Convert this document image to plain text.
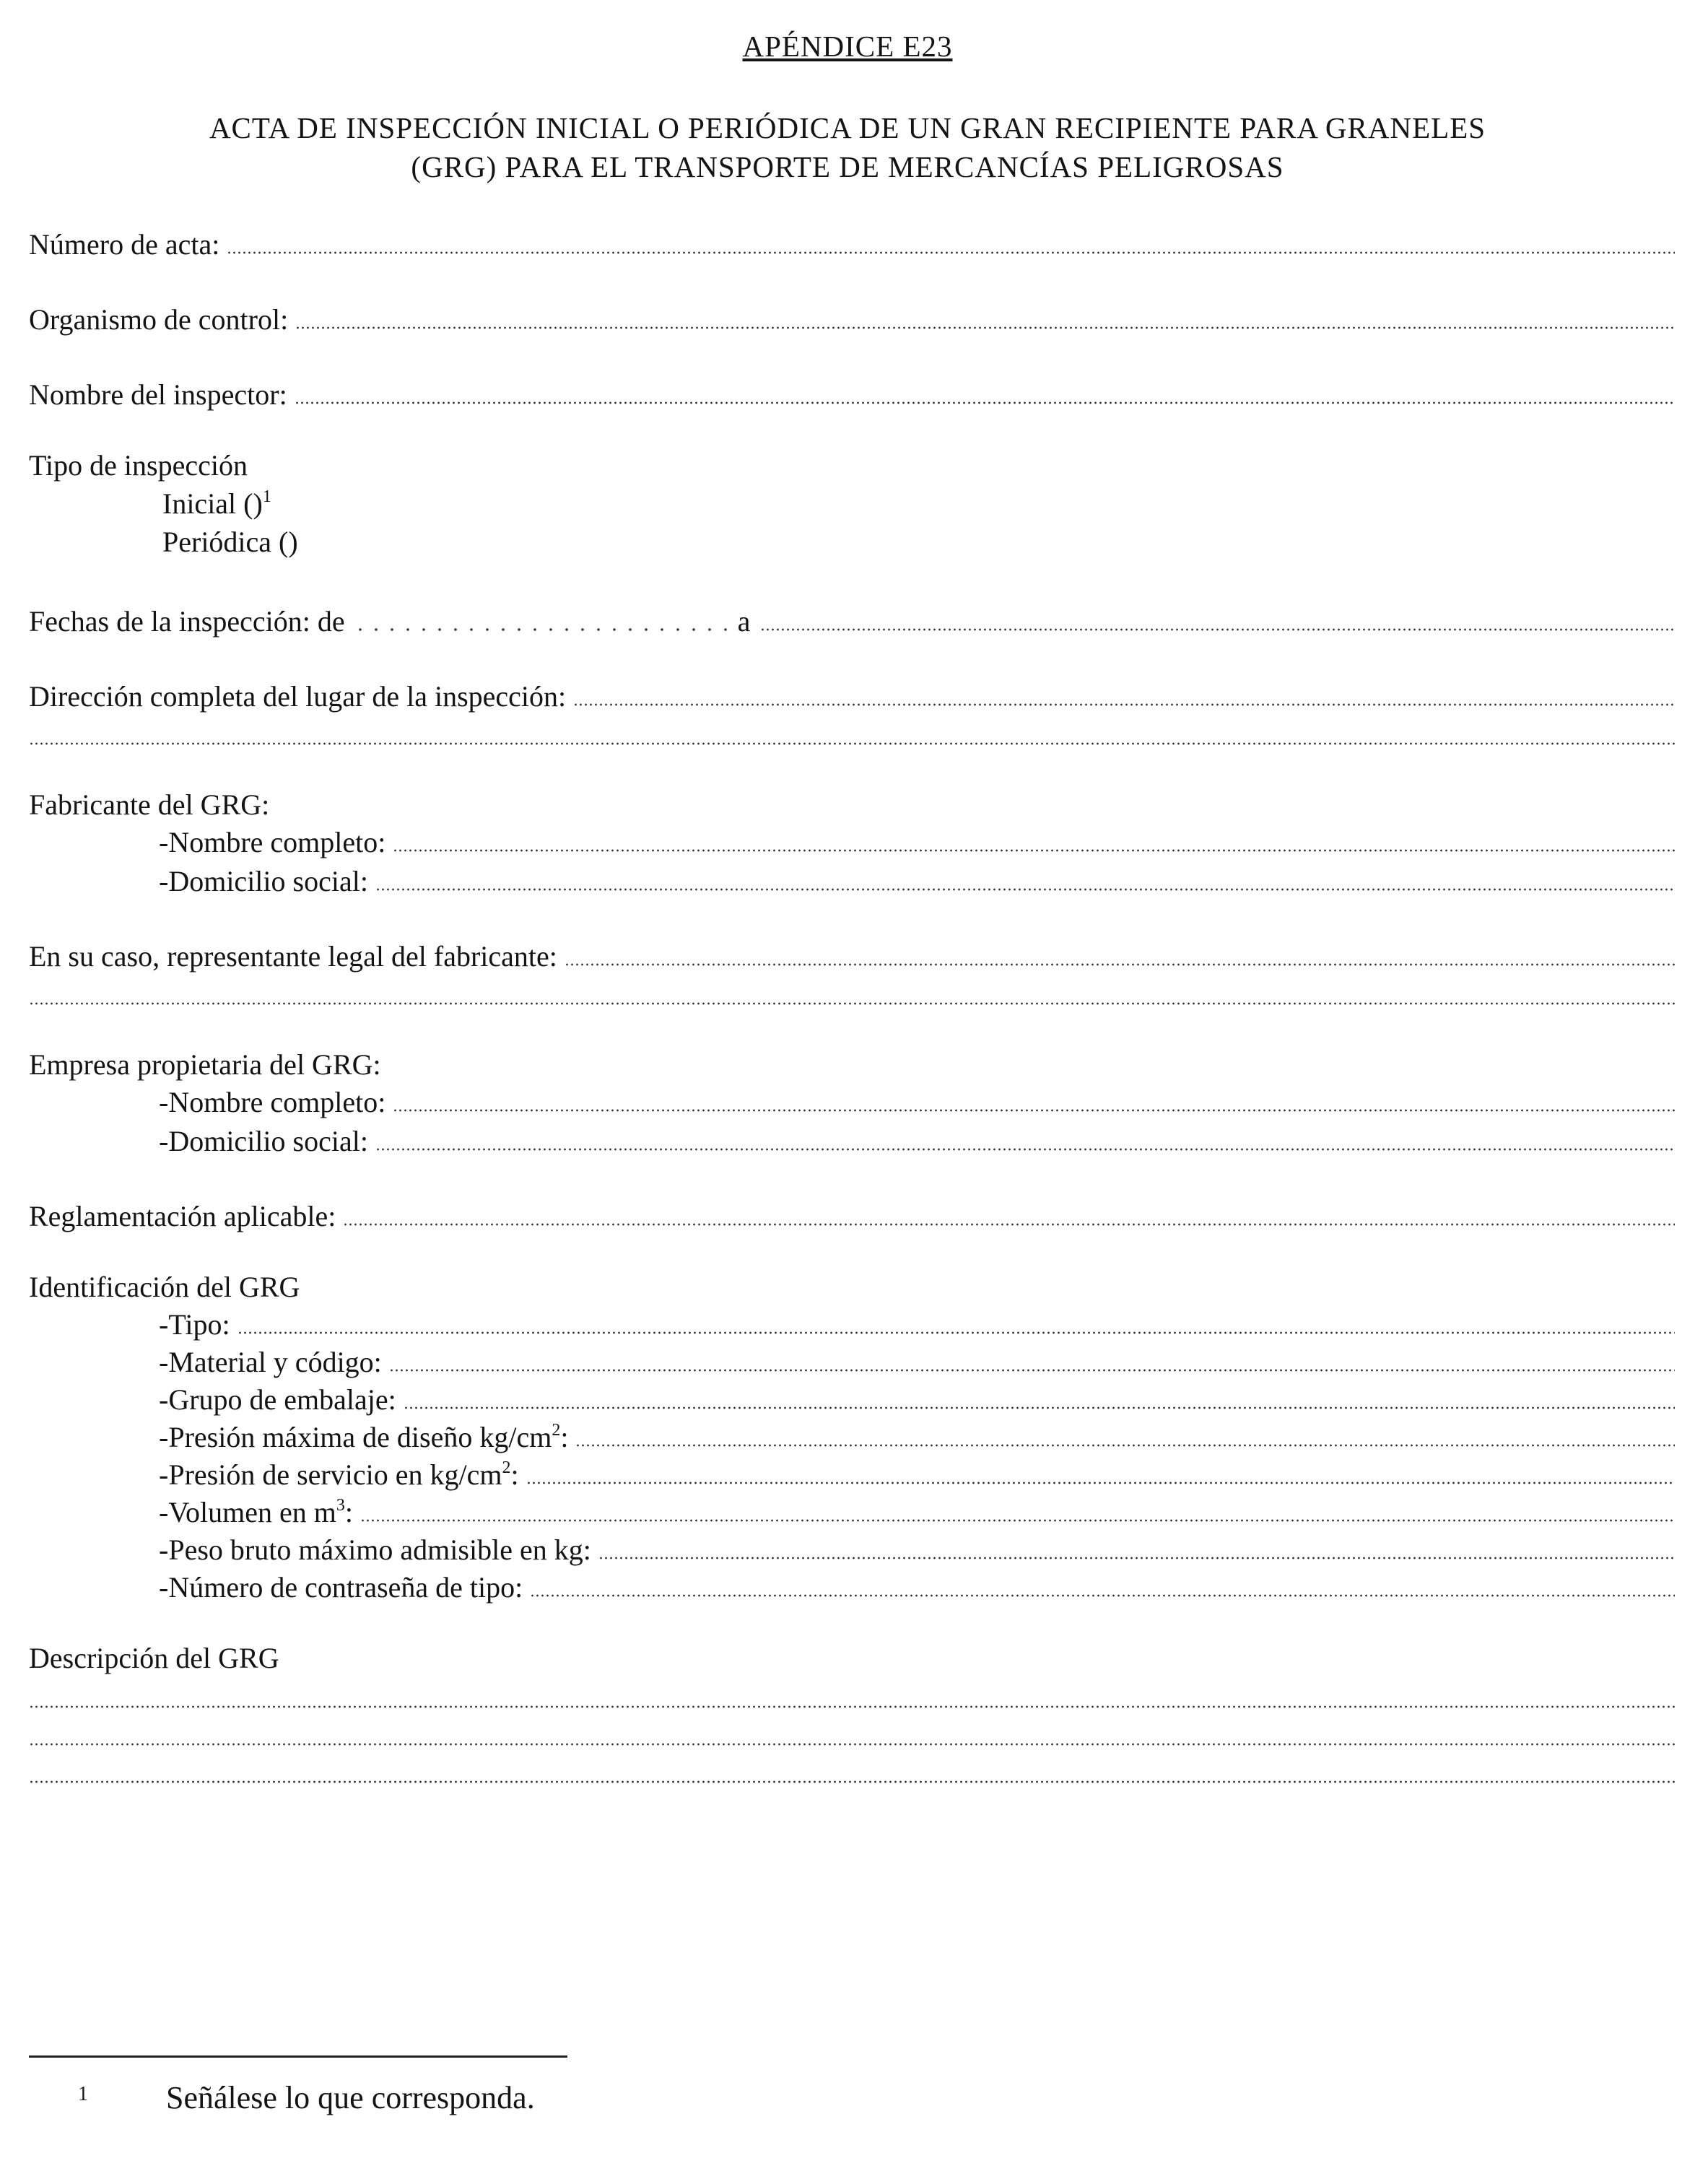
APÉNDICE E23
ACTA DE INSPECCIÓN INICIAL O PERIÓDICA DE UN GRAN RECIPIENTE PARA GRANELES
(GRG) PARA EL TRANSPORTE DE MERCANCÍAS PELIGROSAS
Número de acta:
Organismo de control:
Nombre del inspector:
Tipo de inspección
Inicial ()$^1$
Periódica ()
Fechas de la inspección: de	a
Dirección completa del lugar de la inspección:
Fabricante del GRG:
-Nombre completo:
-Domicilio social:
En su caso, representante legal del fabricante:
Empresa propietaria del GRG:
-Nombre completo:
-Domicilio social:
Reglamentación aplicable:
Identificación del GRG
-Tipo:
-Material y código:
-Grupo de embalaje:
-Presión máxima de diseño $kg/cm^2$:
-Presión de servicio en $kg/cm^2$:
-Volumen en $m^3$:
-Peso bruto máximo admisible en kg:
-Número de contraseña de tipo:
Descripción del GRG
1 Señálese lo que corresponda.
